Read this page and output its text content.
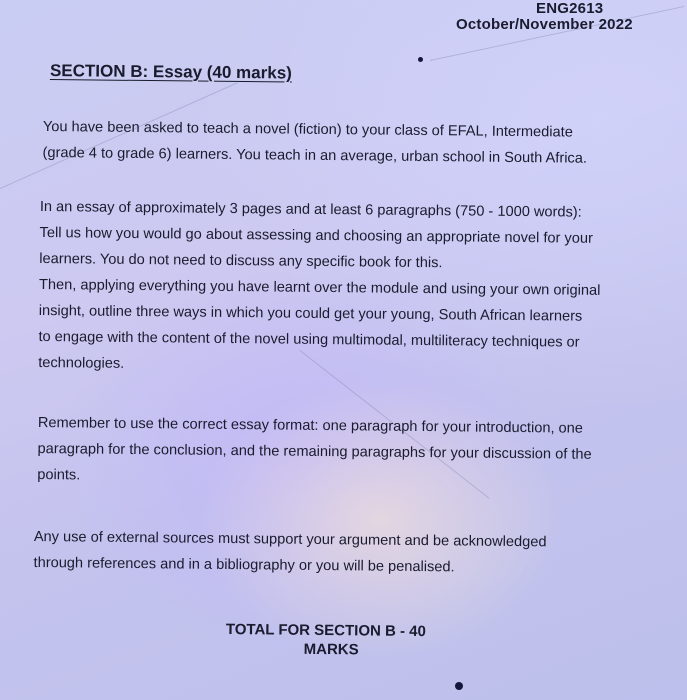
ENG2613
October/November 2022
SECTION B: Essay (40 marks)
You have been asked to teach a novel (fiction) to your class of EFAL, Intermediate
(grade 4 to grade 6) learners. You teach in an average, urban school in South Africa.
In an essay of approximately 3 pages and at least 6 paragraphs (750 - 1000 words):
Tell us how you would go about assessing and choosing an appropriate novel for your
learners. You do not need to discuss any specific book for this.
Then, applying everything you have learnt over the module and using your own original
insight, outline three ways in which you could get your young, South African learners
to engage with the content of the novel using multimodal, multiliteracy techniques or
technologies.
Remember to use the correct essay format: one paragraph for your introduction, one
paragraph for the conclusion, and the remaining paragraphs for your discussion of the
points.
Any use of external sources must support your argument and be acknowledged
through references and in a bibliography or you will be penalised.
TOTAL FOR SECTION B - 40
MARKS
